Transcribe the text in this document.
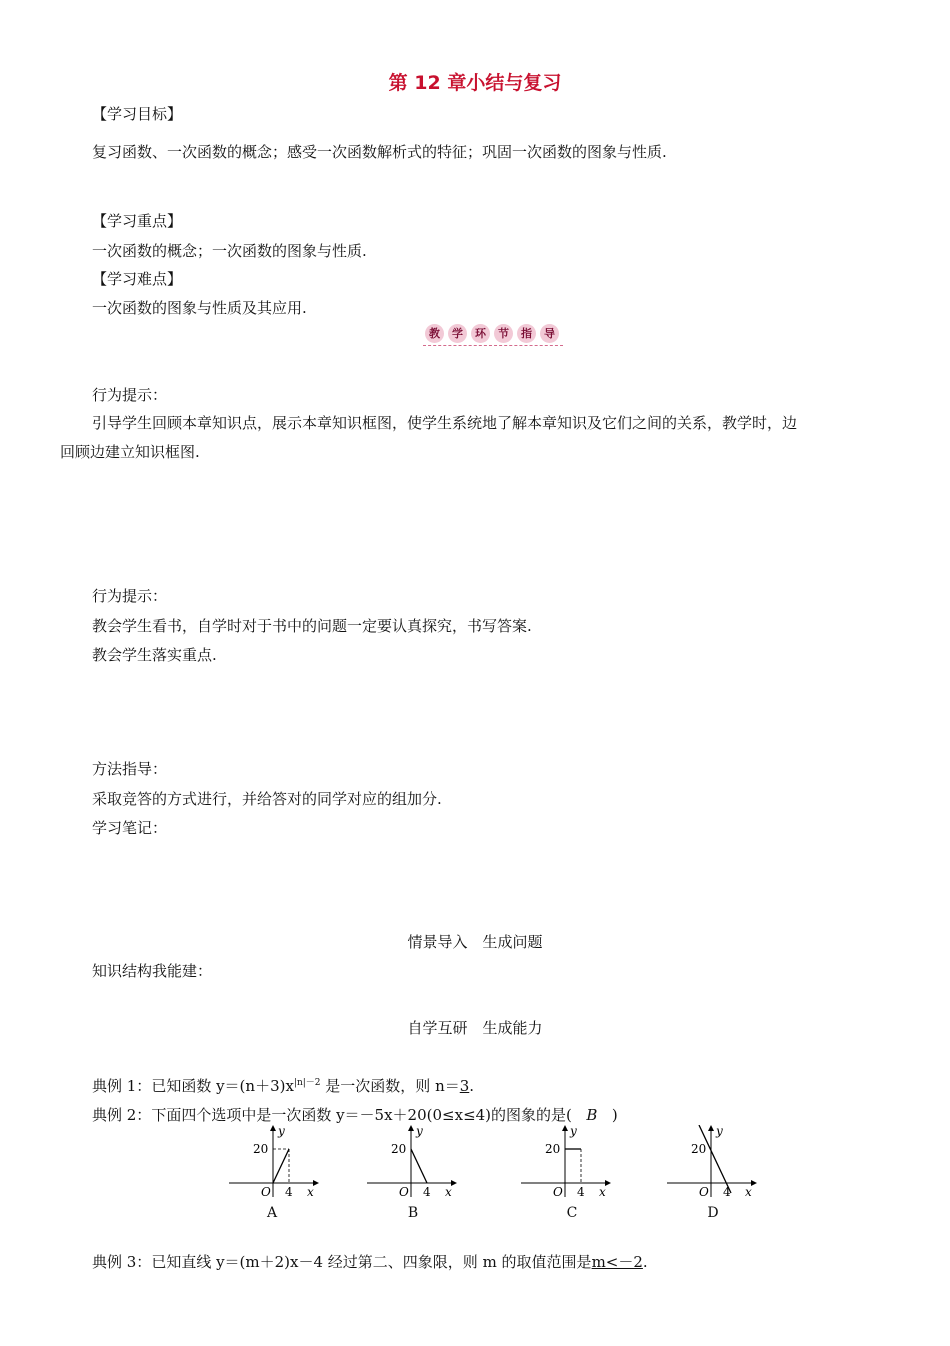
第 12 章小结与复习
【学习目标】
复习函数、一次函数的概念；感受一次函数解析式的特征；巩固一次函数的图象与性质.
【学习重点】
一次函数的概念；一次函数的图象与性质.
【学习难点】
一次函数的图象与性质及其应用.
教	学	环	节	指	导
行为提示：
引导学生回顾本章知识点，展示本章知识框图，使学生系统地了解本章知识及它们之间的关系，教学时，边
回顾边建立知识框图.
行为提示：
教会学生看书，自学时对于书中的问题一定要认真探究，书写答案.
教会学生落实重点.
方法指导：
采取竞答的方式进行，并给答对的同学对应的组加分.
学习笔记：
情景导入　生成问题
知识结构我能建：
自学互研　生成能力
典例 1：已知函数 $y=(n+3)x^{|n|-2}$ 是一次函数，则 n＝3.
典例 2：下面四个选项中是一次函数 y＝－5x＋20(0≤x≤4)的图象的是( B )
y
20
O 4 x
A
y
20
O 4 x
B
y
20
O 4 x
C
y
20
O 4 x
D
典例 3：已知直线 y＝(m＋2)x－4 经过第二、四象限，则 m 的取值范围是m<－2.
